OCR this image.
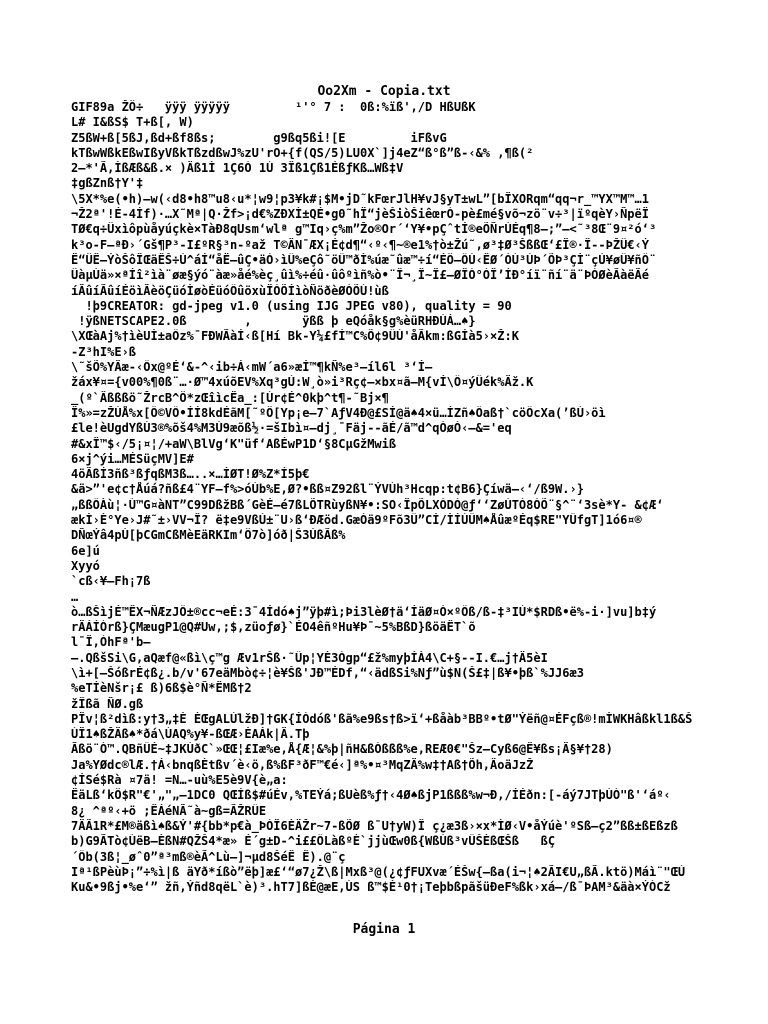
Oo2Xm - Copia.txt
GIF89a ŽÔ÷   ÿÿÿ ÿÿÿÿÿ         ¹'° 7 :  0ß:%ïß',/D HßUßK
L# I&ßS$ T+ß[, W)
Z5ßW+ß[5ßJ,ßd+ßf8ßs;        g9ßq5ßi![E         iFßvG
kTßwWßkEßwIßyVßkTßzdßwJ%zU'rO+{f(QS/5)LU0X`]j4eZ“ß°ß”ß-‹&% ,¶ß(²
2—*'Ã,ÌßÆß&ß.× )Äß1Ì 1Ç6Ó 1Ù 3Îß1Çß1ÉßƒKß…Wß‡V
‡gßZnß†Y'‡
\5X*%e(•h)—w(‹d8•h8™u8‹u*¦w9¦p3¥k#¡$M•jD˜kFœrJlH¥vJ§yT±wL”[bÏXORqm“qq¬r_™YX™M™…1
¬Ž2ª'!É-4Íf)·…X˜Mª|Q·Žf>¡d€%ZÐXÌ±QÉ•g0˜hÏ“jèŠiòŠiêœrÓ-pè£mé§võ¬zö¨v÷³|ïºqèY›ÑpëÏ
TØ€q÷Ûxìôpùåyúçkè×TàÐ8qUsm‘wlª g™Iq›ç%m”Žo®Or´‘Y¥•pÇˆtÍ®eÕÑrÚÉq¶8–;”–<˜³8Œ¨9¤²ó‘³
k³o-F–ªÐ›´Gš¶P³-I£ºR§³n-ºaž T©ÄN¯ÆX¡É¢d¶“‹º‹¶~®e1%†ò±Žú˜,ø³‡Ø³ŠßßŒ‘£Ï®·Î--ÞŽÛ€‹Ý
Ë“ÛÊ—ÝòŠôÎŒäÊŠ÷Ú^áÍ“åË—ûÇ•äÓ›ìÜ%eÇô˜öÜ™ðÌ%úæ˜ûæ™÷í“ÉÔ–ÖÙ‹ÊØ´ÓÙ³ÚÞ´ÕÞ³ÇÌ¨çÚ¥øÜ¥ñÖ¨
ÛàµÙä»×ªÍî²ìà¨øæ§ýó¨àæ»åé%èç¸ûì%÷éû·ûôºìñ%ò•¨Î¬¸Î~Î£—ØÎÒ°ÓÎ’ÍÐ°íï¨ñí¨ä¨ÞÓØèÃàëÃé
íÃûíÃûíÉöìÃèöÇüóÌøòÉüóÖûöxùÏÓÕÍìòÑöðèØÓÕÙ!ùß
!þ9CREATOR: gd-jpeg v1.0 (using IJG JPEG v80), quality = 90
!ÿßNETSCAPE2.0ß        ,       ÿßß þ eQóåk§g%èüRHÐÙÁ…♠}
\XŒàAj%†ìèUÌ±aÖz%¯FÐWÃàÍ‹ß[Hí Bk-Y¼£fÍ™C%Õ¢9ÜÙ'åÃkm:ßGÍà5›×Ž:K
-Z³hI%E›ß
\˜šÕ%YÄæ-‹Öx@ºÉ‘&-^‹ib÷Á‹mW´a6»æÍ™¶kÑ%e³–íl6l ³‘Í–
žáx¥¤={v00%¶0ß¨…·Ø™4xúõEV%Xq³gÚ:W¸ò»i³Rç¢–×bx¤ã–M{vÍ\Ö¤ýÜék%Äž.K
_(º`Âßßßö˜ŽrcB^Ô*zŒîìcËa_:[Ùr¢É^0kþ^t¶-˜Bj×¶
Î%»=zŽÙÅ%x[Ö©VÖ•ÍÍ8kdÉãM[˜ºÔ[Yp¡e—7`AƒV4Ð@£SÍ@ä♠4×ü…ÍZñ♠Öaß†`cöÖcXa(’ßÙ›öì
£le!èUgdYßÙ3®%õš4%M3Ù9æõß½·=šIbì¤–dj¸¯Fäj--ãÉ/ã™d^qÓøÓ‹–&='eq
#&xÏ™$‹/5¡¤¦/+aW\BlVg‘K"üf‘AßÉwP1D‘§8CµGžMwiß
6×j^ýi…MÉSüçMV]E#
4öÃßÍ3ñß³ßƒqßM3ß…..×…ÍØT!Ø%Z*Í5þ€
&ä>”'e¢c†Åúá?ñß£4¨YF–f%>óÙb%E,Ø?•ßß¤Z92ßl¨ÝVÙh³Hcqp:t¢B6}Çíwä–‹‘/ß9W.›}
„ßßÖÀù¦·Ù™G¤àNT”C99DßžBß´GèÉ—é7ßLÕTRùyßN¥•:SO‹ÏpÕLXÒDÓ@ƒ‘‘ZøÙTÓ8ÓÕ¨§^¨‘3sè*Y- &¢Æ‘
ækÌ›È°Ye›J#˜±›VV¬Î? ë‡e9VßÚ±¨U›ß‘ÐÆöd.GæÒä9ºFõ3Ü”CÍ/ÌÍÙÜM♠ÅûæºÉq$RE"YÜfgT]1ó6¤®
DÑœÝâ4pÙ[þCGmCßMèEäRKIm‘Ô7ò]óð|Š3ÚßÃß%
6e]ú
Xyyó
`cß‹¥–Fh¡7ß
…
ò…ßŠìjÉ™ÊX¬ÑÆzJÖ±®cc¬eÉ:3¯4Ídó♠j”ÿþ#ì;Þi3lèØ†ä‘ÍäØ¤Ò×ºÖß/ß-‡³IÚ*$RDß•ë%-i·]vu]b‡ý
rÄÁÍÒrß}ÇMæugP1@Q#Uw,;$,züoƒø}`ÉO4êñºHu¥Þ¯~5%BßD}ßöäÊT`õ
l¯Ï,ÓhFª'b—
–.QßšSi\G,aQæf@«ßì\ç™g Æv1rŠß·˜Üp¦YÈ3Ògp“£ž%myþÍÀ4\C+§--I.€…j†Ä5èI
\ì+[–ŠóßrÉ¢ß¿.b/v'67eäMbò¢÷¦è¥Šß'JÐ™ÉDf,“‹ädßSi%Nƒ”ù$N(Š£‡|ß¥•þß`%JJ6æ3
%eTÍèNšr¡£ ß)6ß$è°Ñ*ËMß†2
žÎßã ÑØ.gß
PÏv¦ß²dìß:y†3„‡È ÈŒgALÚlžÐ]†GK{ÍÒdóß'ßã%e9ßs†ß>ï‘+ßåàb³BBº•tØ"Ýëñ@¤ÉFçß®!mÌWKHâßkl1ß&Š
ÙÏ1♠ßŽÄß♠*ðá\ÙAQ%y¥-ßŒÆ›ÈAÁk|Ä.Tþ
Ãßö¨Ò™.QBñÜÉ~‡JKÙðC`»ŒŒ¦£Iæ%e,Å{Æ¦&%þ|ñH&ßÒßßß%e,REÆ0€"Šz–Cyß6@Ê¥ßs¡Ä§¥†28)
Ja%YØdc®lÆ.†Á‹bnqßÈtßv´è‹ö,ß%ßF³ðF™€é‹]ª%•¤³MqZÄ%w‡†Aß†Õh,ÄoäJzŽ
¢ÍSé$Rà ¤7ä! =N…-uù%E5è9V{è„a:
ËäLß‘kÔ$R"€'„"„–1DC0 QŒÍß$#úÉv,%TEÝá;ßUèß%ƒ†‹4Ø♠ßjP1ßßß%w¬Ð,/ÍÉðn:[-áý7JTþÙÒ"ß'‘áº‹
8¿ ^ªº‹+ö ;ÊÁéNÃ˜à~gß=ÃŽRÜE
7ÄÃ1R*£M®äßì♠ß&Ý'#{bb*p€à_ÞÒÏ6ÈÄŽr~7-ßÕØ ß¯U†yW)Î ç¿æ3ß›×x*ÌØ‹V•åÝúè'ºSß–ç2”ßß±ßEßzß
b)G9ÃTò¢ÙëB—ÈßN#QŽŠ4*æ» É´g±D-^i££ÖLàßºÈ`jjùŒw0ß{WßÙß³vÜŠÈßŒŠß   ßÇ
´Öb(3ß¦_øˆ0”ª³mß®èÃ^Lù–]¬µd8ŠéÊ Ê).@¨ç
Iª¹ßPèùÞ¡”÷%ì|ß äYð*íßò”ëþ]æ£‘“ø7¿Ž\ß|Mxß³@(¿¢ƒFUXvæ´ÉŠw{—ßa(i¬¦♠2ÃI€U„ßÃ.ktö)Máì¨"ŒÚ
Ku&•9ßj•%e‘” žñ,Ýñd8qëL`è)³.hT7]ßÈ@æE,ÙS ß™$È¹0†¡TeþbßpãšüÐeF%ßk›xá–/ß¯ÞAM³&äà×ÝÒCž
Página 1
